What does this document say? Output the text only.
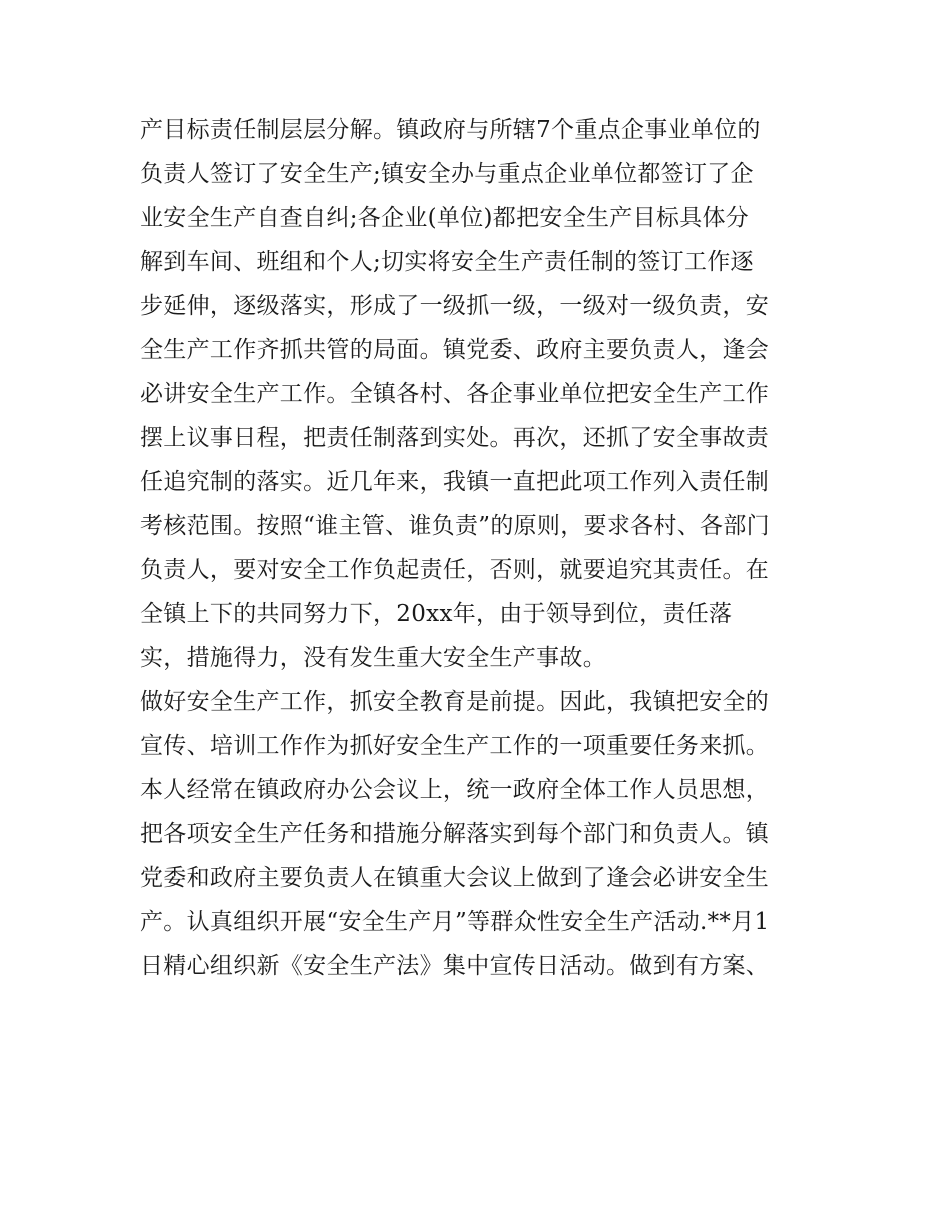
产目标责任制层层分解。镇政府与所辖7个重点企事业单位的
负责人签订了安全生产;镇安全办与重点企业单位都签订了企
业安全生产自查自纠;各企业(单位)都把安全生产目标具体分
解到车间、班组和个人;切实将安全生产责任制的签订工作逐
步延伸，逐级落实，形成了一级抓一级，一级对一级负责，安
全生产工作齐抓共管的局面。镇党委、政府主要负责人，逢会
必讲安全生产工作。全镇各村、各企事业单位把安全生产工作
摆上议事日程，把责任制落到实处。再次，还抓了安全事故责
任追究制的落实。近几年来，我镇一直把此项工作列入责任制
考核范围。按照“谁主管、谁负责”的原则，要求各村、各部门
负责人，要对安全工作负起责任，否则，就要追究其责任。在
全镇上下的共同努力下，20xx年，由于领导到位，责任落
实，措施得力，没有发生重大安全生产事故。
做好安全生产工作，抓安全教育是前提。因此，我镇把安全的
宣传、培训工作作为抓好安全生产工作的一项重要任务来抓。
本人经常在镇政府办公会议上，统一政府全体工作人员思想，
把各项安全生产任务和措施分解落实到每个部门和负责人。镇
党委和政府主要负责人在镇重大会议上做到了逢会必讲安全生
产。认真组织开展“安全生产月”等群众性安全生产活动.**月1
日精心组织新《安全生产法》集中宣传日活动。做到有方案、
